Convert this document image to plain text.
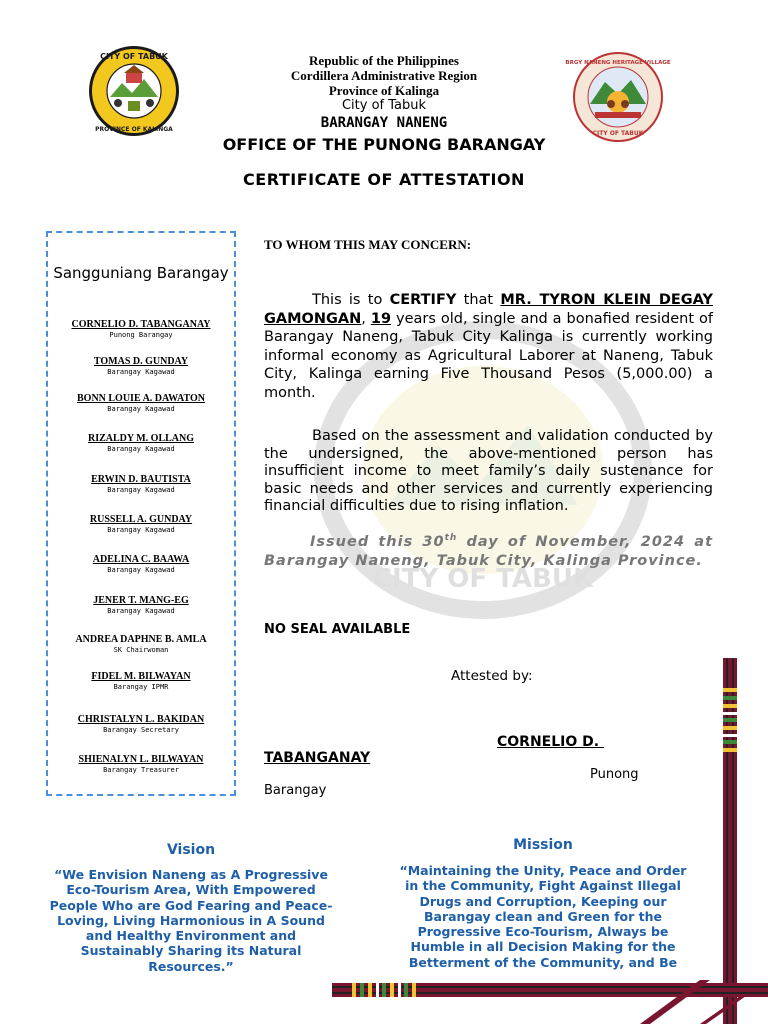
CITY OF TABUK
PROVINCE OF KALINGA
BRGY NANENG HERITAGE VILLAGE
CITY OF TABUK
Republic of the Philippines
Cordillera Administrative Region
Province of Kalinga
City of Tabuk
BARANGAY NANENG
OFFICE OF THE PUNONG BARANGAY
CERTIFICATE OF ATTESTATION
CITY OF TABUK
Sangguniang Barangay
CORNELIO D. TABANGANAY
Punong Barangay
TOMAS D. GUNDAY
Barangay Kagawad
BONN LOUIE A. DAWATON
Barangay Kagawad
RIZALDY M. OLLANG
Barangay Kagawad
ERWIN D. BAUTISTA
Barangay Kagawad
RUSSELL A. GUNDAY
Barangay Kagawad
ADELINA C. BAAWA
Barangay Kagawad
JENER T. MANG-EG
Barangay Kagawad
ANDREA DAPHNE B. AMLA
SK Chairwoman
FIDEL M. BILWAYAN
Barangay IPMR
CHRISTALYN L. BAKIDAN
Barangay Secretary
SHIENALYN L. BILWAYAN
Barangay Treasurer
TO WHOM THIS MAY CONCERN:
This is to CERTIFY that MR. TYRON KLEIN DEGAY GAMONGAN, 19 years old, single and a bonafied resident of Barangay Naneng, Tabuk City Kalinga is currently working informal economy as Agricultural Laborer at Naneng, Tabuk City, Kalinga earning Five Thousand Pesos (5,000.00) a month.
Based on the assessment and validation conducted by the undersigned, the above-mentioned person has insufficient income to meet family’s daily sustenance for basic needs and other services and currently experiencing financial difficulties due to rising inflation.
Issued this 30th day of November, 2024 at Barangay Naneng, Tabuk City, Kalinga Province.
NO SEAL AVAILABLE
Attested by:
CORNELIO D.
TABANGANAY
Punong
Barangay
Vision
“We Envision Naneng as A Progressive Eco-Tourism Area, With Empowered People Who are God Fearing and Peace-Loving, Living Harmonious in A Sound and Healthy Environment and Sustainably Sharing its Natural Resources.”
Mission
“Maintaining the Unity, Peace and Order in the Community, Fight Against Illegal Drugs and Corruption, Keeping our Barangay clean and Green for the Progressive Eco-Tourism, Always be Humble in all Decision Making for the Betterment of the Community, and Be
